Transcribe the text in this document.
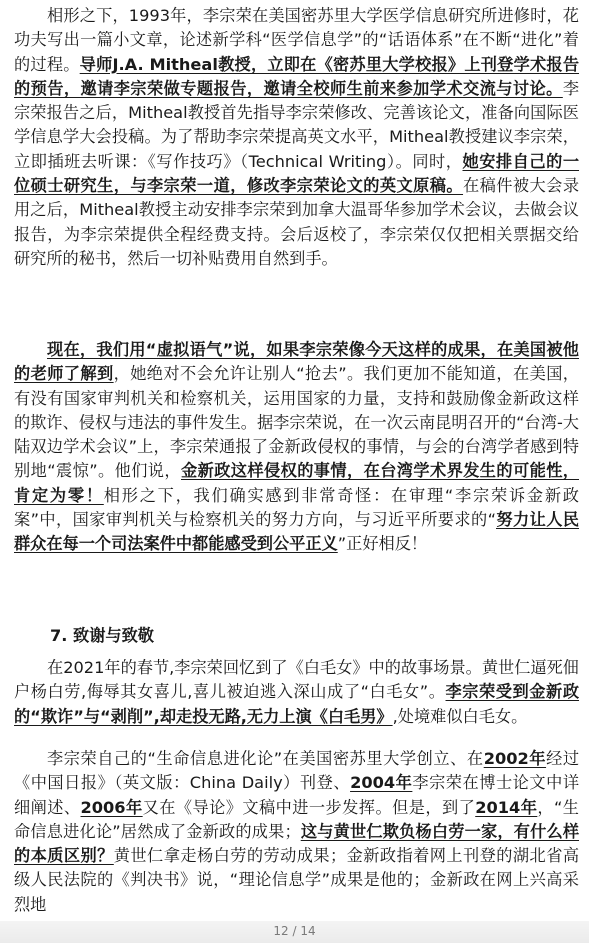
相形之下，1993年，李宗荣在美国密苏里大学医学信息研究所进修时，花功夫写出一篇小文章，论述新学科“医学信息学”的“话语体系”在不断“进化”着的过程。导师J.A. Mitheal教授，立即在《密苏里大学校报》上刊登学术报告的预告，邀请李宗荣做专题报告，邀请全校师生前来参加学术交流与讨论。李宗荣报告之后，Mitheal教授首先指导李宗荣修改、完善该论文，准备向国际医学信息学大会投稿。为了帮助李宗荣提高英文水平，Mitheal教授建议李宗荣，立即插班去听课：《写作技巧》（Technical Writing）。同时，她安排自己的一位硕士研究生，与李宗荣一道，修改李宗荣论文的英文原稿。在稿件被大会录用之后，Mitheal教授主动安排李宗荣到加拿大温哥华参加学术会议，去做会议报告，为李宗荣提供全程经费支持。会后返校了，李宗荣仅仅把相关票据交给研究所的秘书，然后一切补贴费用自然到手。

现在，我们用“虚拟语气”说，如果李宗荣像今天这样的成果，在美国被他的老师了解到，她绝对不会允许让别人“抢去”。我们更加不能知道，在美国，有没有国家审判机关和检察机关，运用国家的力量，支持和鼓励像金新政这样的欺诈、侵权与违法的事件发生。据李宗荣说，在一次云南昆明召开的“台湾-大陆双边学术会议”上，李宗荣通报了金新政侵权的事情，与会的台湾学者感到特别地“震惊”。他们说，金新政这样侵权的事情，在台湾学术界发生的可能性，肯定为零！相形之下，我们确实感到非常奇怪：在审理“李宗荣诉金新政案”中，国家审判机关与检察机关的努力方向，与习近平所要求的“努力让人民群众在每一个司法案件中都能感受到公平正义”正好相反！

7. 致谢与致敬

在2021年的春节,李宗荣回忆到了《白毛女》中的故事场景。黄世仁逼死佃户杨白劳,侮辱其女喜儿,喜儿被迫逃入深山成了“白毛女”。李宗荣受到金新政的“欺诈”与“剥削”,却走投无路,无力上演《白毛男》,处境难似白毛女。

李宗荣自己的“生命信息进化论”在美国密苏里大学创立、在2002年经过《中国日报》（英文版：China Daily）刊登、2004年李宗荣在博士论文中详细阐述、2006年又在《导论》文稿中进一步发挥。但是，到了2014年，“生命信息进化论”居然成了金新政的成果；这与黄世仁欺负杨白劳一家，有什么样的本质区别？黄世仁拿走杨白劳的劳动成果；金新政指着网上刊登的湖北省高级人民法院的《判决书》说，“理论信息学”成果是他的；金新政在网上兴高采烈地

12 / 14
